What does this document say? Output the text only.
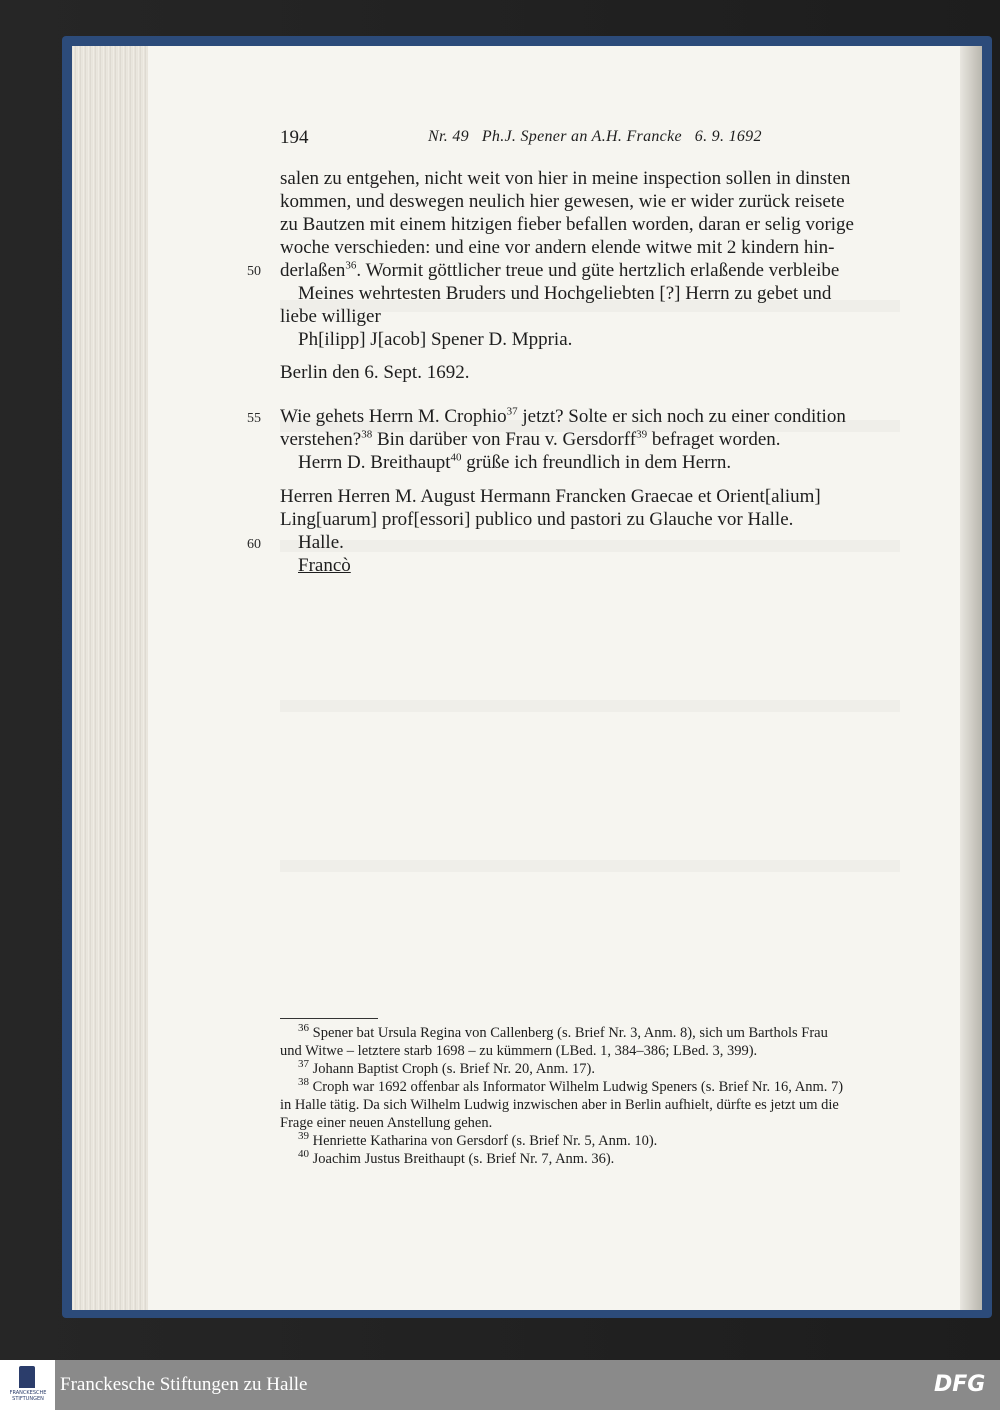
194	Nr. 49   Ph.J. Spener an A.H. Francke   6. 9. 1692
salen zu entgehen, nicht weit von hier in meine inspection sollen in dinsten
kommen, und deswegen neulich hier gewesen, wie er wider zurück reisete
zu Bautzen mit einem hitzigen fieber befallen worden, daran er selig vorige
woche verschieden: und eine vor andern elende witwe mit 2 kindern hin-
50 derlaßen$^{36}$. Wormit göttlicher treue und güte hertzlich erlaßende verbleibe
Meines wehrtesten Bruders und Hochgeliebten [?] Herrn zu gebet und
liebe williger
Ph[ilipp] J[acob] Spener D. Mppria.
Berlin den 6. Sept. 1692.
55 Wie gehets Herrn M. Crophio$^{37}$ jetzt? Solte er sich noch zu einer condition
verstehen?$^{38}$ Bin darüber von Frau v. Gersdorff$^{39}$ befraget worden.
Herrn D. Breithaupt$^{40}$ grüße ich freundlich in dem Herrn.
Herren Herren M. August Hermann Francken Graecae et Orient[alium]
Ling[uarum] prof[essori] publico und pastori zu Glauche vor Halle.
60 Halle.
Francò
$^{36}$ Spener bat Ursula Regina von Callenberg (s. Brief Nr. 3, Anm. 8), sich um Barthols Frau
und Witwe – letztere starb 1698 – zu kümmern (LBed. 1, 384–386; LBed. 3, 399).
$^{37}$ Johann Baptist Croph (s. Brief Nr. 20, Anm. 17).
$^{38}$ Croph war 1692 offenbar als Informator Wilhelm Ludwig Speners (s. Brief Nr. 16, Anm. 7)
in Halle tätig. Da sich Wilhelm Ludwig inzwischen aber in Berlin aufhielt, dürfte es jetzt um die
Frage einer neuen Anstellung gehen.
$^{39}$ Henriette Katharina von Gersdorf (s. Brief Nr. 5, Anm. 10).
$^{40}$ Joachim Justus Breithaupt (s. Brief Nr. 7, Anm. 36).
FRANCKESCHE STIFTUNGEN
Franckesche Stiftungen zu Halle	DFG
